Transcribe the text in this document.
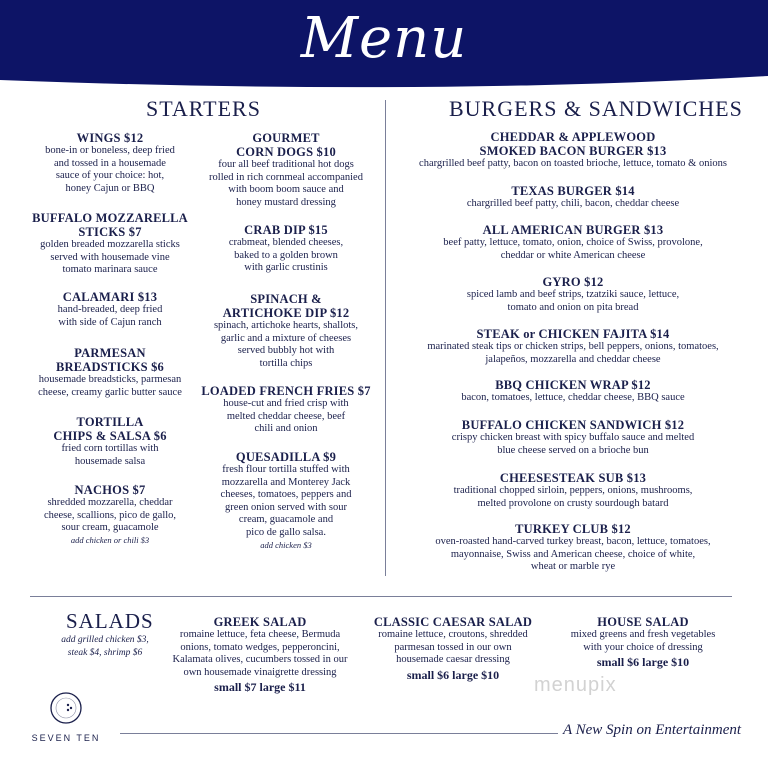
Menu
STARTERS	BURGERS & SANDWICHES
SALADS
WINGS $12
bone-in or boneless, deep fried
and tossed in a housemade
sauce of your choice: hot,
honey Cajun or BBQ
BUFFALO MOZZARELLA
STICKS $7
golden breaded mozzarella sticks
served with housemade vine
tomato marinara sauce
CALAMARI $13
hand-breaded, deep fried
with side of Cajun ranch
PARMESAN
BREADSTICKS $6
housemade breadsticks, parmesan
cheese, creamy garlic butter sauce
TORTILLA
CHIPS & SALSA $6
fried corn tortillas with
housemade salsa
NACHOS $7
shredded mozzarella, cheddar
cheese, scallions, pico de gallo,
sour cream, guacamole
add chicken or chili $3
GOURMET
CORN DOGS $10
four all beef traditional hot dogs
rolled in rich cornmeal accompanied
with boom boom sauce and
honey mustard dressing
CRAB DIP $15
crabmeat, blended cheeses,
baked to a golden brown
with garlic crustinis
SPINACH &
ARTICHOKE DIP $12
spinach, artichoke hearts, shallots,
garlic and a mixture of cheeses
served bubbly hot with
tortilla chips
LOADED FRENCH FRIES $7
house-cut and fried crisp with
melted cheddar cheese, beef
chili and onion
QUESADILLA $9
fresh flour tortilla stuffed with
mozzarella and Monterey Jack
cheeses, tomatoes, peppers and
green onion served with sour
cream, guacamole and
pico de gallo salsa.
add chicken $3
CHEDDAR & APPLEWOOD
SMOKED BACON BURGER $13
chargrilled beef patty, bacon on toasted brioche, lettuce, tomato & onions
TEXAS BURGER $14
chargrilled beef patty, chili, bacon, cheddar cheese
ALL AMERICAN BURGER $13
beef patty, lettuce, tomato, onion, choice of Swiss, provolone,
cheddar or white American cheese
GYRO $12
spiced lamb and beef strips, tzatziki sauce, lettuce,
tomato and onion on pita bread
STEAK or CHICKEN FAJITA $14
marinated steak tips or chicken strips, bell peppers, onions, tomatoes,
jalapeños, mozzarella and cheddar cheese
BBQ CHICKEN WRAP $12
bacon, tomatoes, lettuce, cheddar cheese, BBQ sauce
BUFFALO CHICKEN SANDWICH $12
crispy chicken breast with spicy buffalo sauce and melted
blue cheese served on a brioche bun
CHEESESTEAK SUB $13
traditional chopped sirloin, peppers, onions, mushrooms,
melted provolone on crusty sourdough batard
TURKEY CLUB $12
oven-roasted hand-carved turkey breast, bacon, lettuce, tomatoes,
mayonnaise, Swiss and American cheese, choice of white,
wheat or marble rye
add grilled chicken $3,
steak $4, shrimp $6
GREEK SALAD
romaine lettuce, feta cheese, Bermuda
onions, tomato wedges, pepperoncini,
Kalamata olives, cucumbers tossed in our
own housemade vinaigrette dressing
small $7 large $11
CLASSIC CAESAR SALAD
romaine lettuce, croutons, shredded
parmesan tossed in our own
housemade caesar dressing
small $6 large $10
HOUSE SALAD
mixed greens and fresh vegetables
with your choice of dressing
small $6 large $10
menupix
SEVEN TEN	A New Spin on Entertainment
